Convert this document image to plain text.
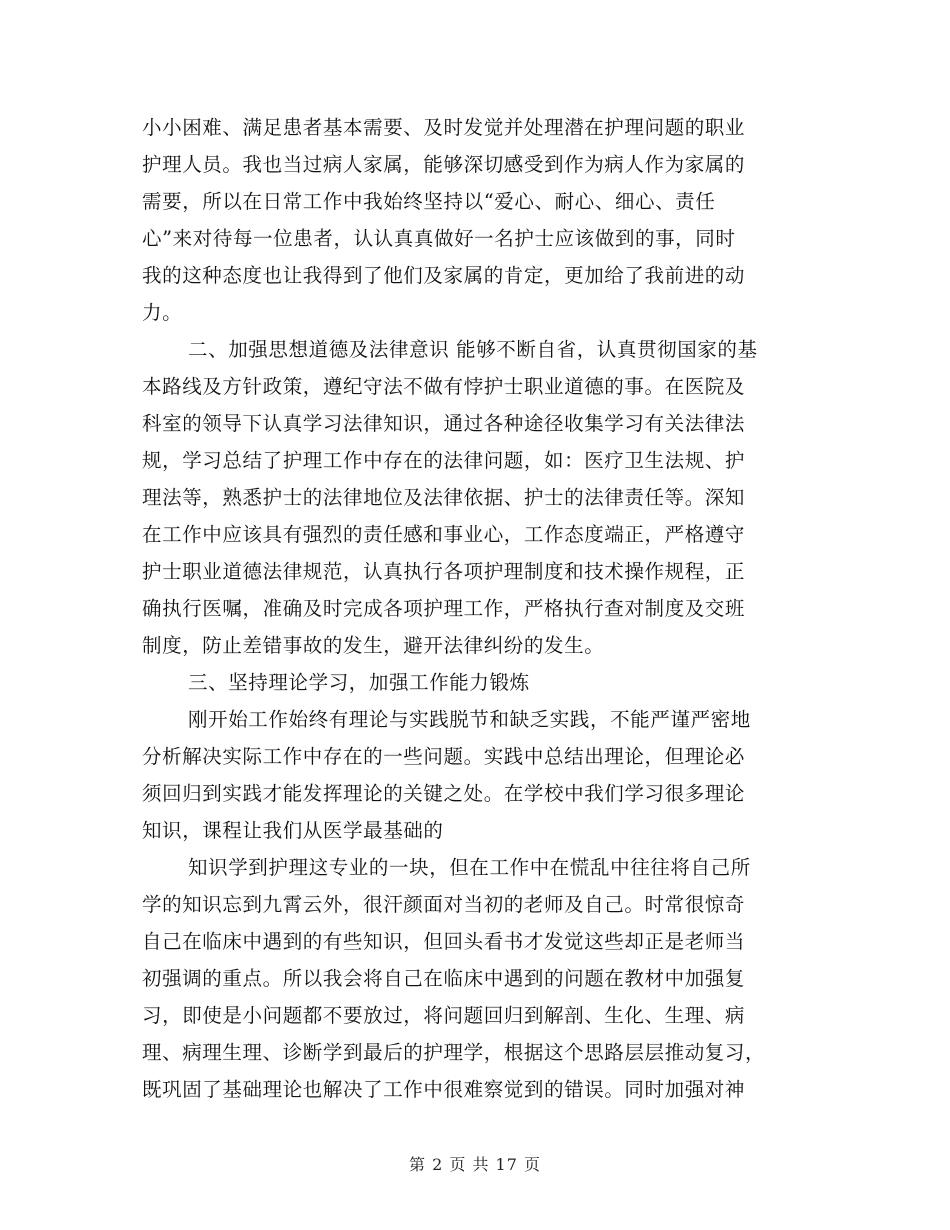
小小困难、满足患者基本需要、及时发觉并处理潜在护理问题的职业
护理人员。我也当过病人家属，能够深切感受到作为病人作为家属的
需要，所以在日常工作中我始终坚持以“爱心、耐心、细心、责任
心”来对待每一位患者，认认真真做好一名护士应该做到的事，同时
我的这种态度也让我得到了他们及家属的肯定，更加给了我前进的动
力。
二、加强思想道德及法律意识 能够不断自省，认真贯彻国家的基
本路线及方针政策，遵纪守法不做有悖护士职业道德的事。在医院及
科室的领导下认真学习法律知识，通过各种途径收集学习有关法律法
规，学习总结了护理工作中存在的法律问题，如：医疗卫生法规、护
理法等，熟悉护士的法律地位及法律依据、护士的法律责任等。深知
在工作中应该具有强烈的责任感和事业心，工作态度端正，严格遵守
护士职业道德法律规范，认真执行各项护理制度和技术操作规程，正
确执行医嘱，准确及时完成各项护理工作，严格执行查对制度及交班
制度，防止差错事故的发生，避开法律纠纷的发生。
三、坚持理论学习，加强工作能力锻炼
刚开始工作始终有理论与实践脱节和缺乏实践，不能严谨严密地
分析解决实际工作中存在的一些问题。实践中总结出理论，但理论必
须回归到实践才能发挥理论的关键之处。在学校中我们学习很多理论
知识，课程让我们从医学最基础的
知识学到护理这专业的一块，但在工作中在慌乱中往往将自己所
学的知识忘到九霄云外，很汗颜面对当初的老师及自己。时常很惊奇
自己在临床中遇到的有些知识，但回头看书才发觉这些却正是老师当
初强调的重点。所以我会将自己在临床中遇到的问题在教材中加强复
习，即使是小问题都不要放过，将问题回归到解剖、生化、生理、病
理、病理生理、诊断学到最后的护理学，根据这个思路层层推动复习，
既巩固了基础理论也解决了工作中很难察觉到的错误。同时加强对神
第 2 页 共 17 页
